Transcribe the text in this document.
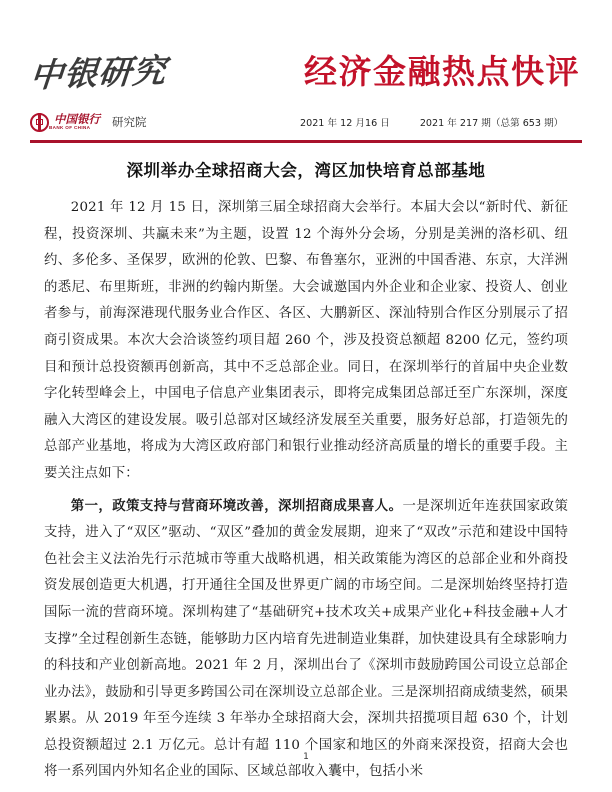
中银研究	经济金融热点快评
中国银行
BANK OF CHINA	研究院	2021 年 12 月16 日	2021 年 217 期（总第 653 期）
深圳举办全球招商大会，湾区加快培育总部基地

2021 年 12 月 15 日，深圳第三届全球招商大会举行。本届大会以“新时代、新征程，投资深圳、共赢未来”为主题，设置 12 个海外分会场，分别是美洲的洛杉矶、纽约、多伦多、圣保罗，欧洲的伦敦、巴黎、布鲁塞尔，亚洲的中国香港、东京，大洋洲的悉尼、布里斯班，非洲的约翰内斯堡。大会诚邀国内外企业和企业家、投资人、创业者参与，前海深港现代服务业合作区、各区、大鹏新区、深汕特别合作区分别展示了招商引资成果。本次大会洽谈签约项目超 260 个，涉及投资总额超 8200 亿元，签约项目和预计总投资额再创新高，其中不乏总部企业。同日，在深圳举行的首届中央企业数字化转型峰会上，中国电子信息产业集团表示，即将完成集团总部迁至广东深圳，深度融入大湾区的建设发展。吸引总部对区域经济发展至关重要，服务好总部，打造领先的总部产业基地，将成为大湾区政府部门和银行业推动经济高质量的增长的重要手段。主要关注点如下：

第一，政策支持与营商环境改善，深圳招商成果喜人。一是深圳近年连获国家政策支持，进入了“双区”驱动、“双区”叠加的黄金发展期，迎来了“双改”示范和建设中国特色社会主义法治先行示范城市等重大战略机遇，相关政策能为湾区的总部企业和外商投资发展创造更大机遇，打开通往全国及世界更广阔的市场空间。二是深圳始终坚持打造国际一流的营商环境。深圳构建了“基础研究+技术攻关+成果产业化+科技金融+人才支撑”全过程创新生态链，能够助力区内培育先进制造业集群，加快建设具有全球影响力的科技和产业创新高地。2021 年 2 月，深圳出台了《深圳市鼓励跨国公司设立总部企业办法》，鼓励和引导更多跨国公司在深圳设立总部企业。三是深圳招商成绩斐然，硕果累累。从 2019 年至今连续 3 年举办全球招商大会，深圳共招揽项目超 630 个，计划总投资额超过 2.1 万亿元。总计有超 110 个国家和地区的外商来深投资，招商大会也将一系列国内外知名企业的国际、区域总部收入囊中，包括小米

1
